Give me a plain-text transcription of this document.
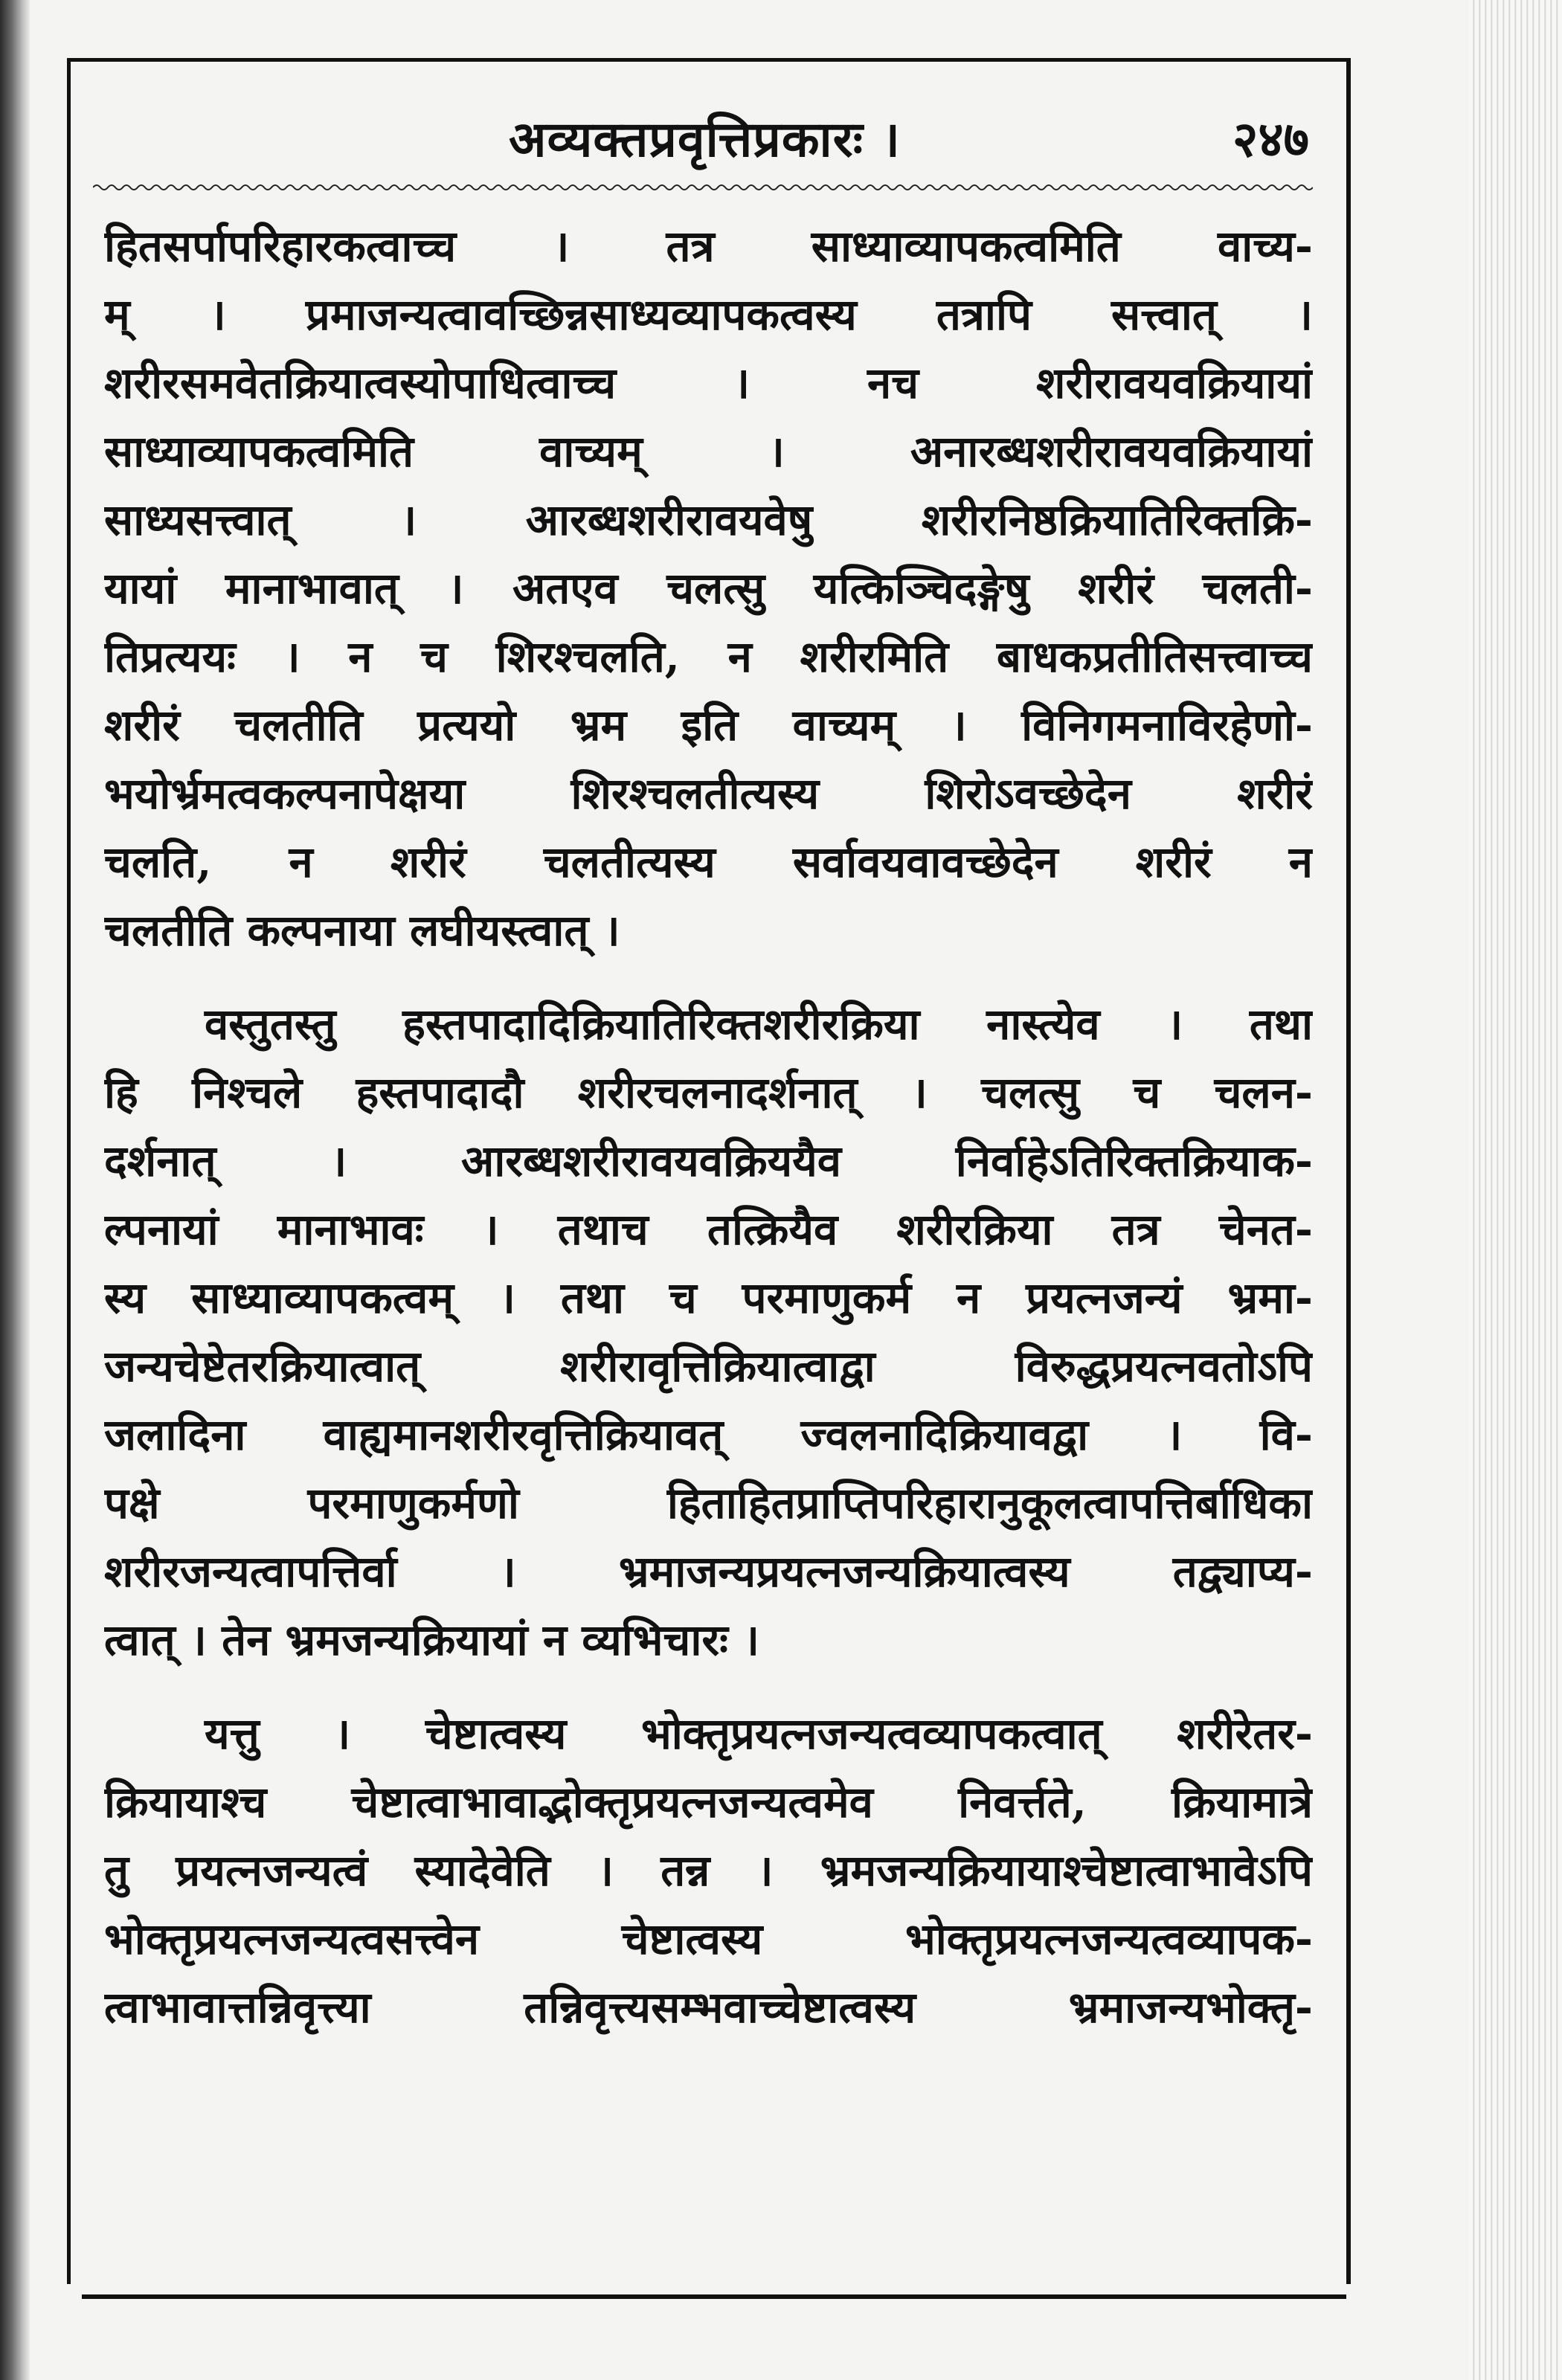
अव्यक्तप्रवृत्तिप्रकारः ।	२४७
हितसर्पापरिहारकत्वाच्च । तत्र साध्याव्यापकत्वमिति वाच्य-
म् । प्रमाजन्यत्वावच्छिन्नसाध्यव्यापकत्वस्य तत्रापि सत्त्वात् ।
शरीरसमवेतक्रियात्वस्योपाधित्वाच्च । नच शरीरावयवक्रियायां
साध्याव्यापकत्वमिति वाच्यम् । अनारब्धशरीरावयवक्रियायां
साध्यसत्त्वात् । आरब्धशरीरावयवेषु शरीरनिष्ठक्रियातिरिक्तक्रि-
यायां मानाभावात् । अतएव चलत्सु यत्किञ्चिदङ्गेषु शरीरं चलती-
तिप्रत्ययः । न च शिरश्चलति, न शरीरमिति बाधकप्रतीतिसत्त्वाच्च
शरीरं चलतीति प्रत्ययो भ्रम इति वाच्यम् । विनिगमनाविरहेणो-
भयोर्भ्रमत्वकल्पनापेक्षया शिरश्चलतीत्यस्य शिरोऽवच्छेदेन शरीरं
चलति, न शरीरं चलतीत्यस्य सर्वावयवावच्छेदेन शरीरं न
चलतीति कल्पनाया लघीयस्त्वात् ।
वस्तुतस्तु हस्तपादादिक्रियातिरिक्तशरीरक्रिया नास्त्येव । तथा
हि निश्चले हस्तपादादौ शरीरचलनादर्शनात् । चलत्सु च चलन-
दर्शनात् । आरब्धशरीरावयवक्रिययैव निर्वाहेऽतिरिक्तक्रियाक-
ल्पनायां मानाभावः । तथाच तत्क्रियैव शरीरक्रिया तत्र चेनत-
स्य साध्याव्यापकत्वम् । तथा च परमाणुकर्म न प्रयत्नजन्यं भ्रमा-
जन्यचेष्टेतरक्रियात्वात् शरीरावृत्तिक्रियात्वाद्वा विरुद्धप्रयत्नवतोऽपि
जलादिना वाह्यमानशरीरवृत्तिक्रियावत् ज्वलनादिक्रियावद्वा । वि-
पक्षे परमाणुकर्मणो हिताहितप्राप्तिपरिहारानुकूलत्वापत्तिर्बाधिका
शरीरजन्यत्वापत्तिर्वा । भ्रमाजन्यप्रयत्नजन्यक्रियात्वस्य तद्व्याप्य-
त्वात् । तेन भ्रमजन्यक्रियायां न व्यभिचारः ।
यत्तु । चेष्टात्वस्य भोक्तृप्रयत्नजन्यत्वव्यापकत्वात् शरीरेतर-
क्रियायाश्च चेष्टात्वाभावाद्भोक्तृप्रयत्नजन्यत्वमेव निवर्त्तते, क्रियामात्रे
तु प्रयत्नजन्यत्वं स्यादेवेति । तन्न । भ्रमजन्यक्रियायाश्चेष्टात्वाभावेऽपि
भोक्तृप्रयत्नजन्यत्वसत्त्वेन चेष्टात्वस्य भोक्तृप्रयत्नजन्यत्वव्यापक-
त्वाभावात्तन्निवृत्त्या तन्निवृत्त्यसम्भवाच्चेष्टात्वस्य भ्रमाजन्यभोक्तृ-
